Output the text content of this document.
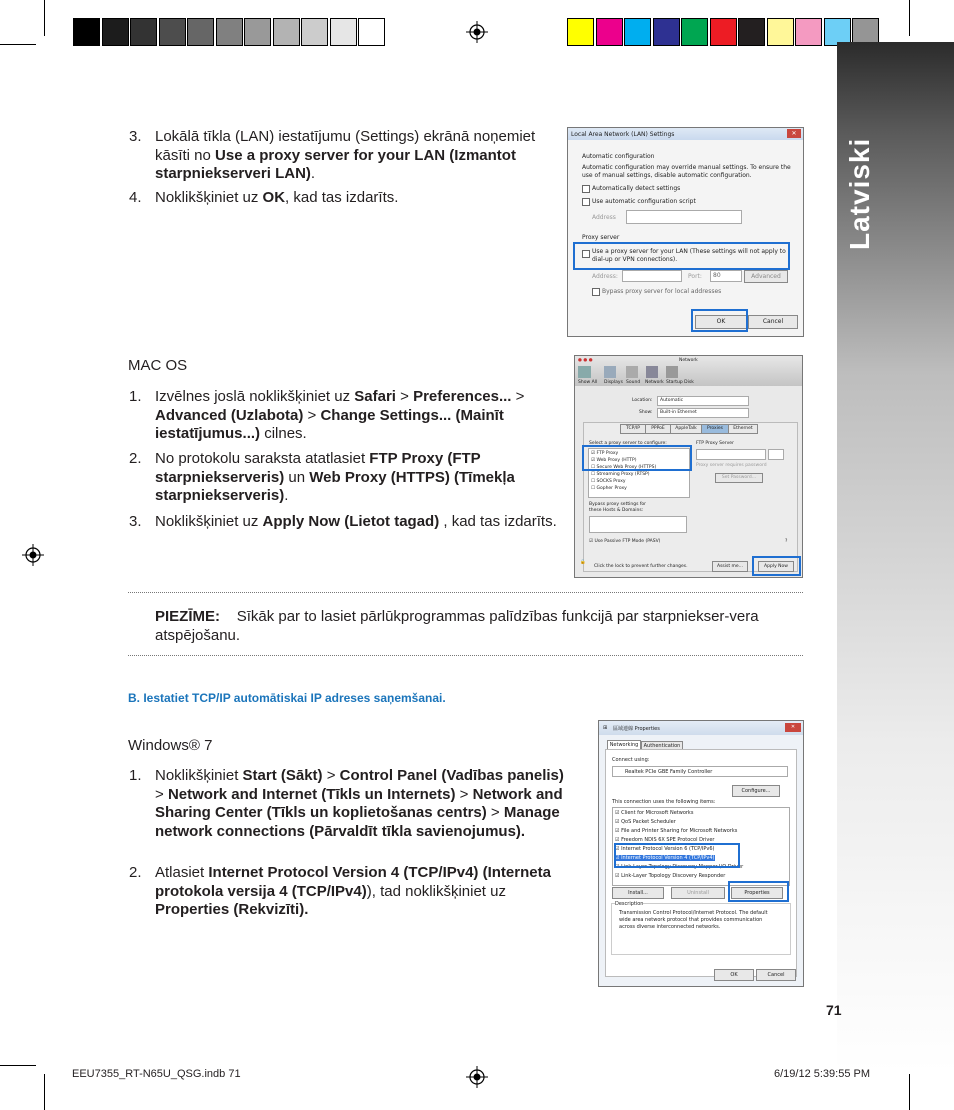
Latviski
71
3. Lokālā tīkla (LAN) iestatījumu (Settings) ekrānā noņemiet kāsīti no Use a proxy server for your LAN (Izmantot starpniekserveri LAN).
4. Noklikšķiniet uz OK, kad tas izdarīts.
Local Area Network (LAN) Settings	✕
Automatic configuration
Automatic configuration may override manual settings. To ensure the
use of manual settings, disable automatic configuration.
Automatically detect settings
Use automatic configuration script
Address
Proxy server
Use a proxy server for your LAN (These settings will not apply to
dial-up or VPN connections).
Address:	Port:	80	Advanced
Bypass proxy server for local addresses
OK	Cancel
MAC OS
1. Izvēlnes joslā noklikšķiniet uz Safari > Preferences... > Advanced (Uzlabota) > Change Settings... (Mainīt iestatījumus...) cilnes.
2. No protokolu saraksta atatlasiet FTP Proxy (FTP starpniekserveris) un Web Proxy (HTTPS) (Tīmekļa starpniekserveris).
3. Noklikšķiniet uz Apply Now (Lietot tagad) , kad tas izdarīts.
● ● ●	Network
Show All Displays Sound Network Startup Disk
Location:	Automatic
Show:	Built-in Ethernet
TCP/IP	PPPoE	AppleTalk	Proxies	Ethernet
Select a proxy server to configure:	FTP Proxy Server
☑ FTP Proxy
☑ Web Proxy (HTTP)
☐ Secure Web Proxy (HTTPS)
☐ Streaming Proxy (RTSP)
☐ SOCKS Proxy
☐ Gopher Proxy
Proxy server requires password
Set Password...
Bypass proxy settings for
these Hosts & Domains:
☑ Use Passive FTP Mode (PASV)	?
🔒
Click the lock to prevent further changes.	Assist me...	Apply Now
PIEZĪME: Sīkāk par to lasiet pārlūkprogrammas palīdzības funkcijā par starpniekser-vera atspējošanu.
B. Iestatiet TCP/IP automātiskai IP adreses saņemšanai.
Windows® 7
1. Noklikšķiniet Start (Sākt) > Control Panel (Vadības panelis) > Network and Internet (Tīkls un Internets) > Network and Sharing Center (Tīkls un koplietošanas centrs) > Manage network connections (Pārvaldīt tīkla savienojumus).
2. Atlasiet Internet Protocol Version 4 (TCP/IPv4) (Interneta protokola versija 4 (TCP/IPv4)), tad noklikšķiniet uz Properties (Rekvizīti).
⊞ 區域連線 Properties	✕
Networking	Authentication
Connect using:
Realtek PCIe GBE Family Controller
Configure...
This connection uses the following items:
☑ Client for Microsoft Networks
☑ QoS Packet Scheduler
☑ File and Printer Sharing for Microsoft Networks
☑ Freedom NDIS 6X SPE Protocol Driver
☑ Internet Protocol Version 6 (TCP/IPv6)
☑ Internet Protocol Version 4 (TCP/IPv4)
☑ Link-Layer Topology Discovery Mapper I/O Driver
☑ Link-Layer Topology Discovery Responder
Install...	Uninstall	Properties
Description
Transmission Control Protocol/Internet Protocol. The default
wide area network protocol that provides communication
across diverse interconnected networks.
OK	Cancel
EEU7355_RT-N65U_QSG.indb 71	6/19/12 5:39:55 PM
